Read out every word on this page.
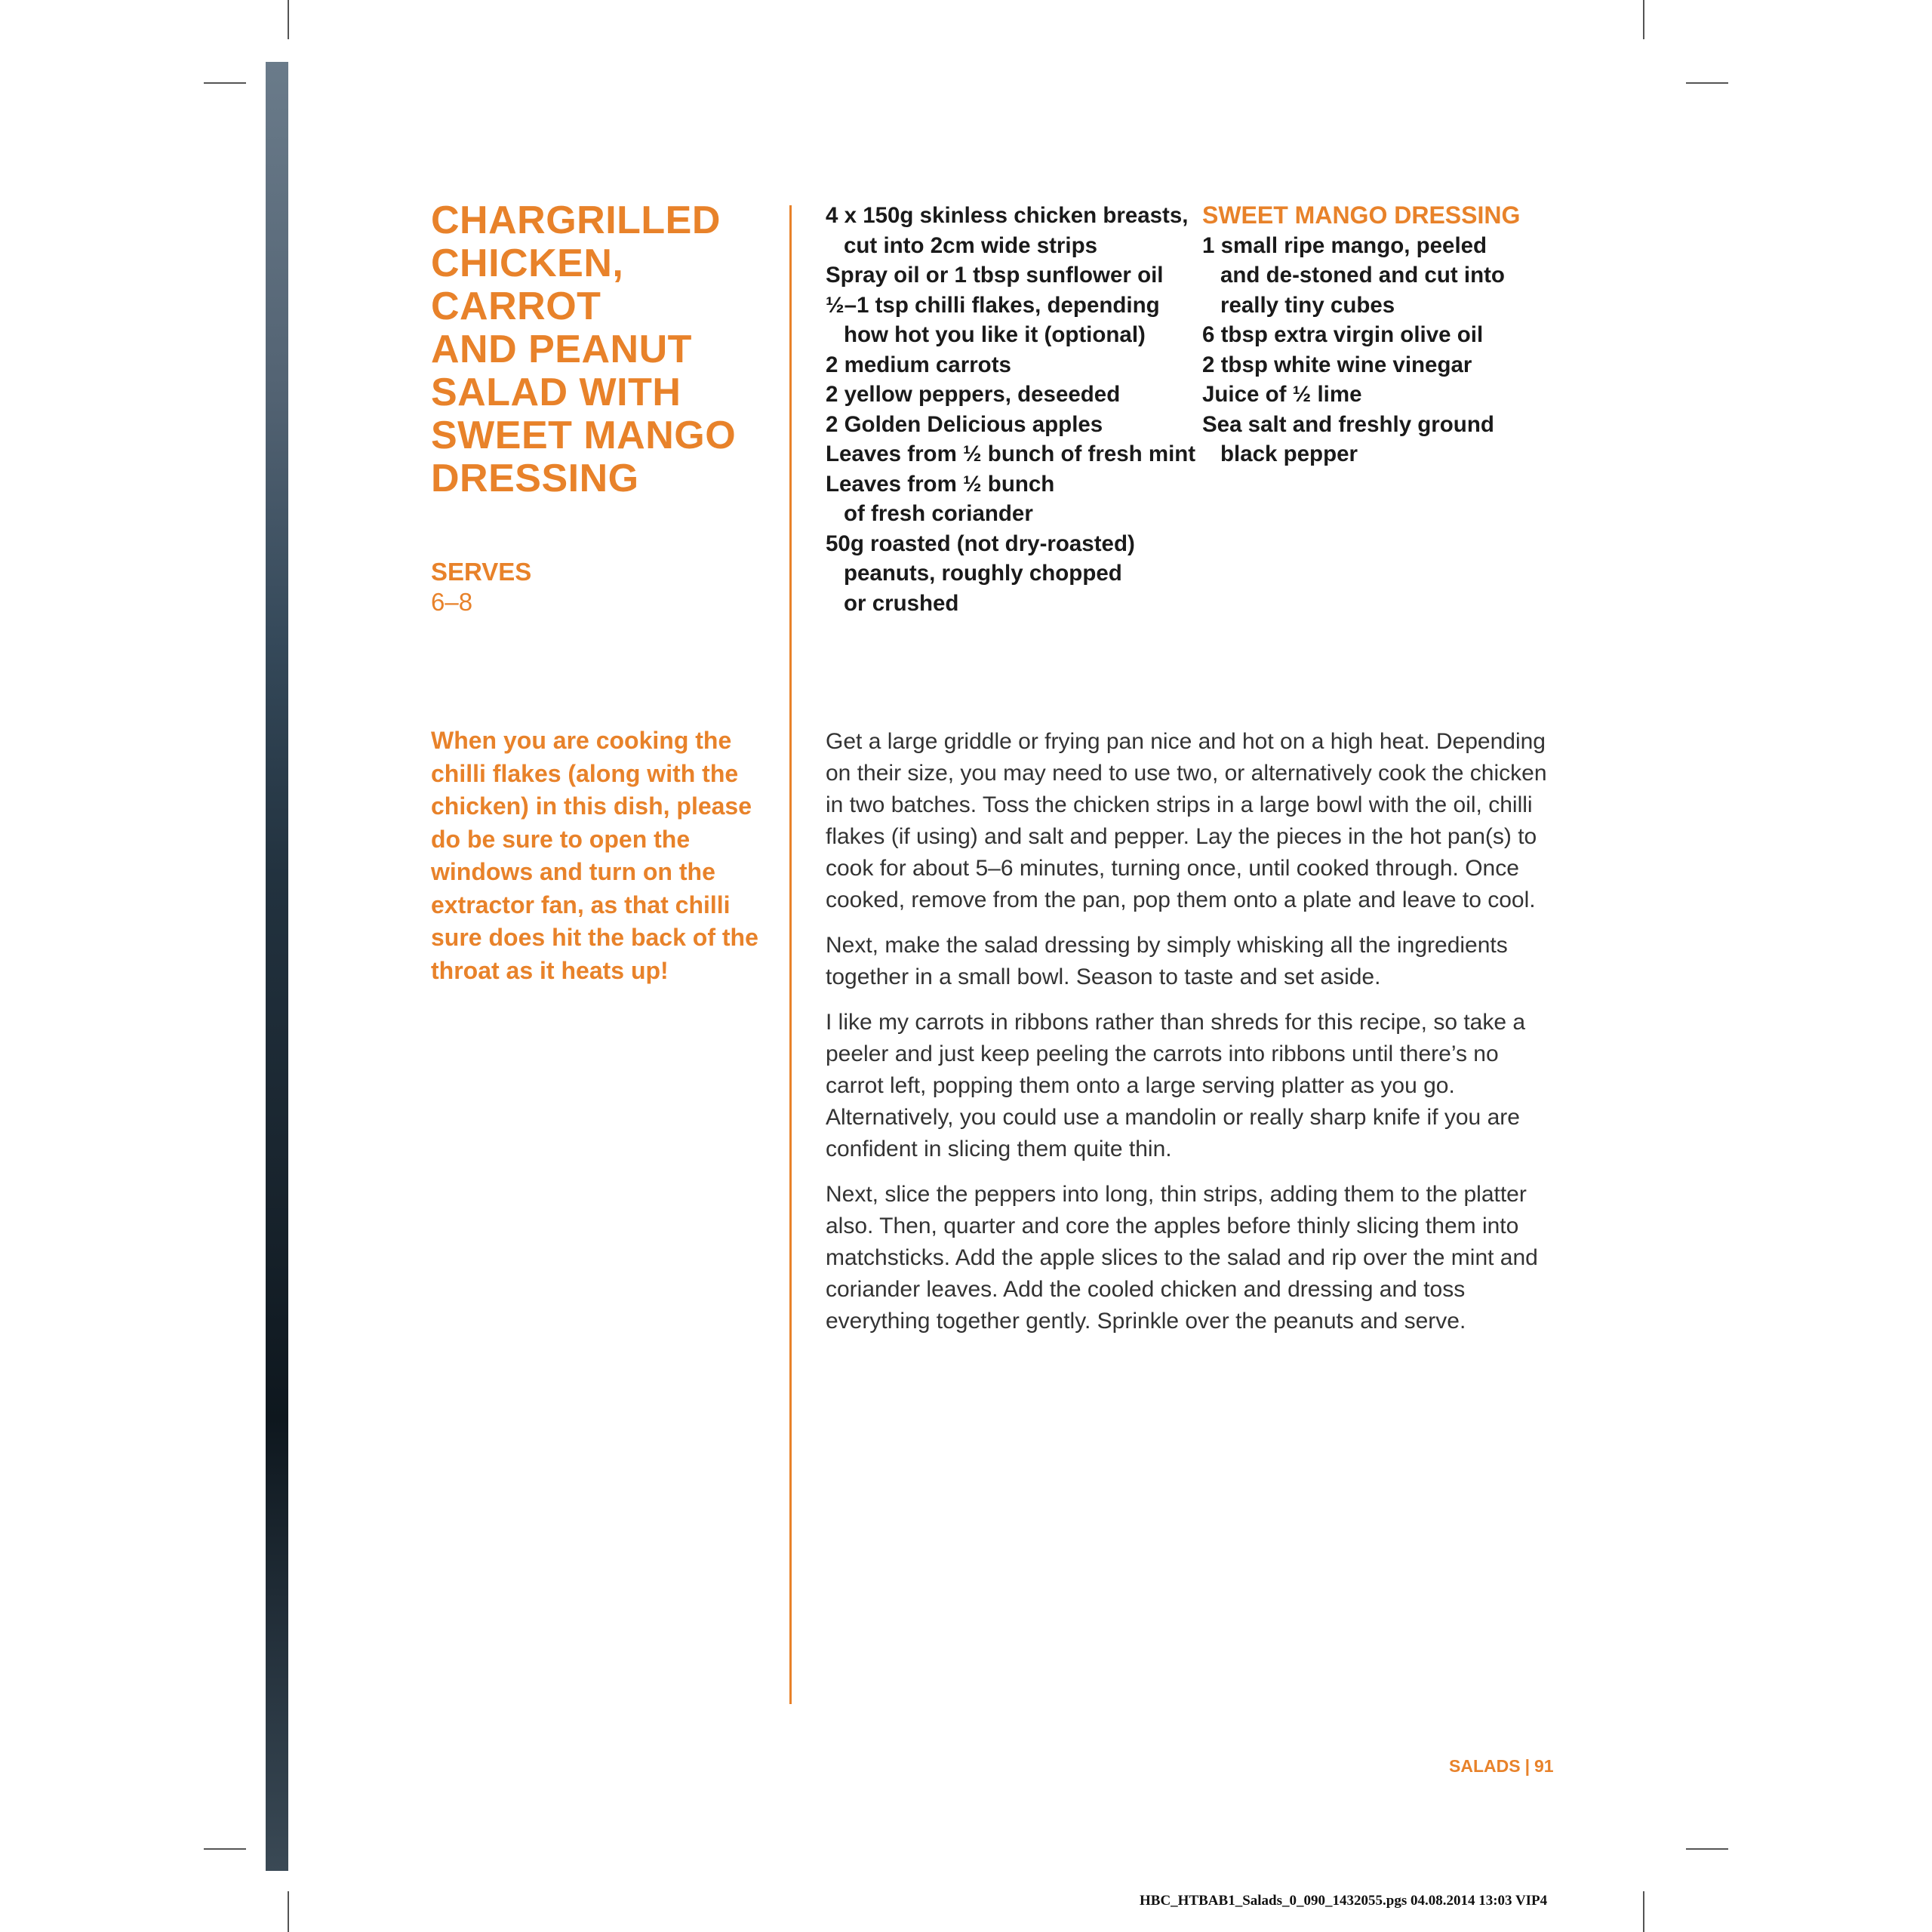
CHARGRILLED
CHICKEN,
CARROT
AND PEANUT
SALAD WITH
SWEET MANGO
DRESSING
SERVES
6–8
When you are cooking the chilli flakes (along with the chicken) in this dish, please do be sure to open the windows and turn on the extractor fan, as that chilli sure does hit the back of the throat as it heats up!
4 x 150g skinless chicken breasts,
cut into 2cm wide strips
Spray oil or 1 tbsp sunflower oil
½–1 tsp chilli flakes, depending
how hot you like it (optional)
2 medium carrots
2 yellow peppers, deseeded
2 Golden Delicious apples
Leaves from ½ bunch of fresh mint
Leaves from ½ bunch
of fresh coriander
50g roasted (not dry-roasted)
peanuts, roughly chopped
or crushed
SWEET MANGO DRESSING
1 small ripe mango, peeled
and de-stoned and cut into
really tiny cubes
6 tbsp extra virgin olive oil
2 tbsp white wine vinegar
Juice of ½ lime
Sea salt and freshly ground
black pepper

Get a large griddle or frying pan nice and hot on a high heat. Depending on their size, you may need to use two, or alternatively cook the chicken in two batches. Toss the chicken strips in a large bowl with the oil, chilli flakes (if using) and salt and pepper. Lay the pieces in the hot pan(s) to cook for about 5–6 minutes, turning once, until cooked through. Once cooked, remove from the pan, pop them onto a plate and leave to cool.

Next, make the salad dressing by simply whisking all the ingredients together in a small bowl. Season to taste and set aside.

I like my carrots in ribbons rather than shreds for this recipe, so take a peeler and just keep peeling the carrots into ribbons until there’s no carrot left, popping them onto a large serving platter as you go. Alternatively, you could use a mandolin or really sharp knife if you are confident in slicing them quite thin.

Next, slice the peppers into long, thin strips, adding them to the platter also. Then, quarter and core the apples before thinly slicing them into matchsticks. Add the apple slices to the salad and rip over the mint and coriander leaves. Add the cooled chicken and dressing and toss everything together gently. Sprinkle over the peanuts and serve.

SALADS | 91
HBC_HTBAB1_Salads_0_090_1432055.pgs 04.08.2014 13:03 VIP4
